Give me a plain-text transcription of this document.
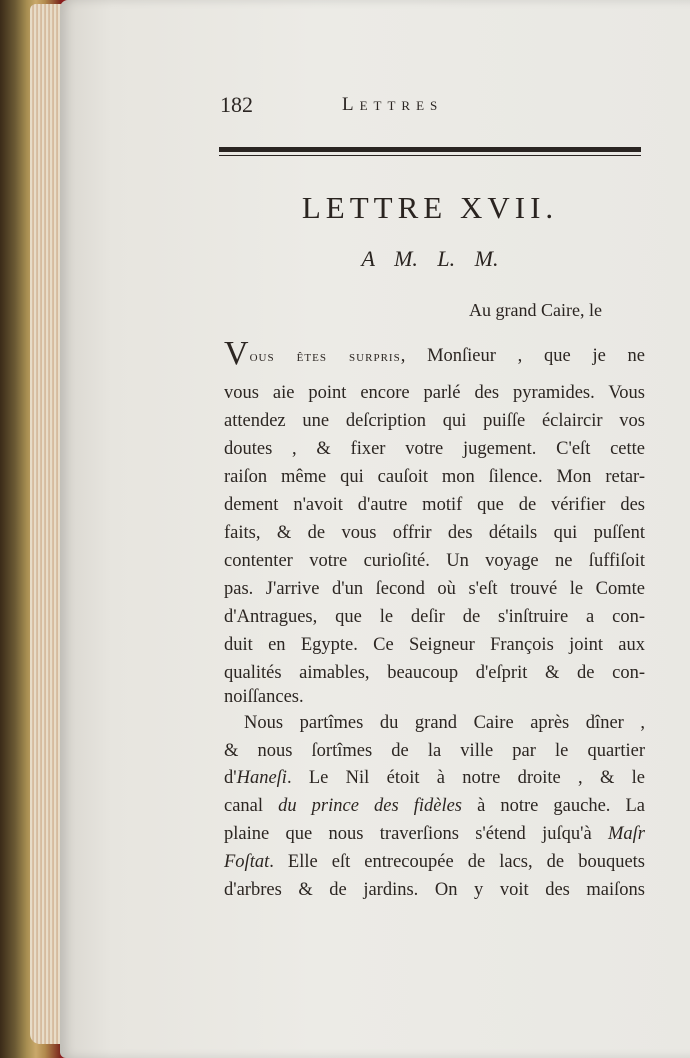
182	Lettres
LETTRE XVII.
A M. L. M.
Au grand Caire, le

Vous êtes surpris, Monſieur , que je ne

vous aie point encore parlé des pyramides. Vous

attendez une deſcription qui puiſſe éclaircir vos

doutes , & fixer votre jugement. C'eſt cette

raiſon même qui cauſoit mon ſilence. Mon retar-

dement n'avoit d'autre motif que de vérifier des

faits, & de vous offrir des détails qui puſſent

contenter votre curioſité. Un voyage ne ſuffiſoit

pas. J'arrive d'un ſecond où s'eſt trouvé le Comte

d'Antragues, que le deſir de s'inſtruire a con-

duit en Egypte. Ce Seigneur François joint aux

qualités aimables, beaucoup d'eſprit & de con-

noiſſances.

Nous partîmes du grand Caire après dîner ,

& nous ſortîmes de la ville par le quartier

d'Haneſi. Le Nil étoit à notre droite , & le

canal du prince des fidèles à notre gauche. La

plaine que nous traverſions s'étend juſqu'à Maſr

Foſtat. Elle eſt entrecoupée de lacs, de bouquets

d'arbres & de jardins. On y voit des maiſons
